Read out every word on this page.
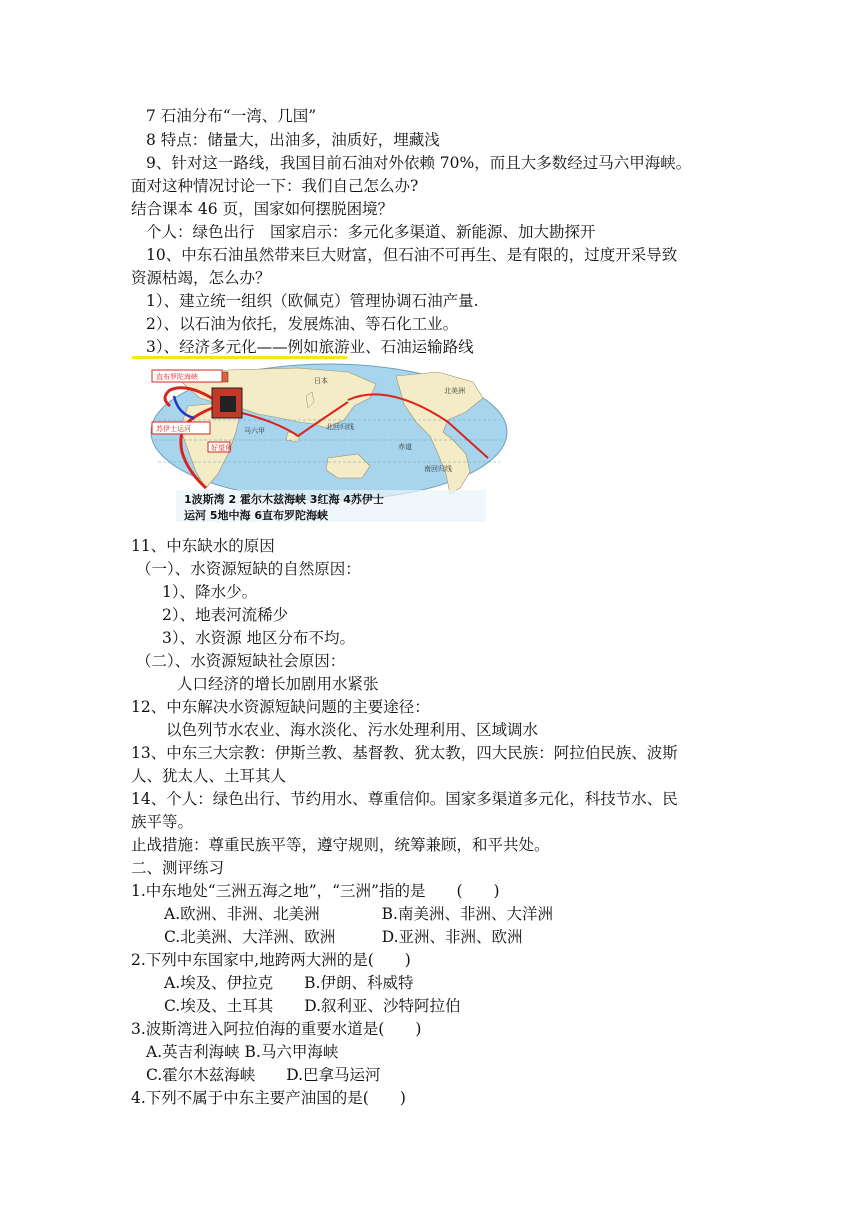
7 石油分布“一湾、几国”
8 特点：储量大，出油多，油质好，埋藏浅
9、针对这一路线，我国目前石油对外依赖 70%，而且大多数经过马六甲海峡。
面对这种情况讨论一下：我们自己怎么办?
结合课本 46 页，国家如何摆脱困境？
个人：绿色出行　国家启示：多元化多渠道、新能源、加大勘探开
10、中东石油虽然带来巨大财富，但石油不可再生、是有限的，过度开采导致
资源枯竭，怎么办？
1）、建立统一组织（欧佩克）管理协调石油产量.
2）、以石油为依托，发展炼油、等石化工业。
3）、经济多元化——例如旅游业、石油运输路线
直布罗陀海峡
苏伊士运河
好望角
北美洲
日本
北回归线
赤道
南回归线
马六甲
1波斯湾 2 霍尔木兹海峡 3红海 4苏伊士
运河 5地中海 6直布罗陀海峡
11、中东缺水的原因
（一）、水资源短缺的自然原因：
1）、降水少。
2）、地表河流稀少
3）、水资源 地区分布不均。
（二）、水资源短缺社会原因：
人口经济的增长加剧用水紧张
12、中东解决水资源短缺问题的主要途径：
以色列节水农业、海水淡化、污水处理利用、区域调水
13、中东三大宗教：伊斯兰教、基督教、犹太教，四大民族：阿拉伯民族、波斯
人、犹太人、土耳其人
14、个人：绿色出行、节约用水、尊重信仰。国家多渠道多元化，科技节水、民
族平等。
止战措施：尊重民族平等，遵守规则，统筹兼顾，和平共处。
二、测评练习
1.中东地处“三洲五海之地”，“三洲”指的是　　(　　)
A.欧洲、非洲、北美洲　　　　B.南美洲、非洲、大洋洲
C.北美洲、大洋洲、欧洲　　　D.亚洲、非洲、欧洲
2.下列中东国家中,地跨两大洲的是(　　)
A.埃及、伊拉克　　B.伊朗、科威特
C.埃及、土耳其　　D.叙利亚、沙特阿拉伯
3.波斯湾进入阿拉伯海的重要水道是(　　)
A.英吉利海峡 B.马六甲海峡
C.霍尔木兹海峡　　D.巴拿马运河
4.下列不属于中东主要产油国的是(　　)
